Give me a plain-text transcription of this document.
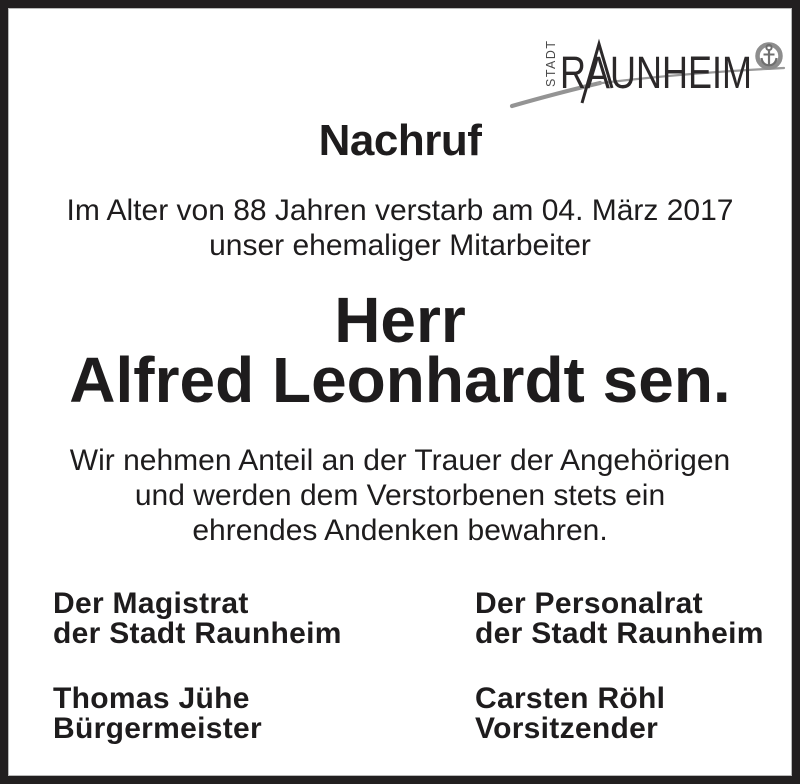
STADT RAUNHEIM
Nachruf
Im Alter von 88 Jahren verstarb am 04. März 2017
unser ehemaliger Mitarbeiter
Herr
Alfred Leonhardt sen.
Wir nehmen Anteil an der Trauer der Angehörigen
und werden dem Verstorbenen stets ein
ehrendes Andenken bewahren.
Der Magistrat
der Stadt Raunheim
Der Personalrat
der Stadt Raunheim
Thomas Jühe
Bürgermeister
Carsten Röhl
Vorsitzender
